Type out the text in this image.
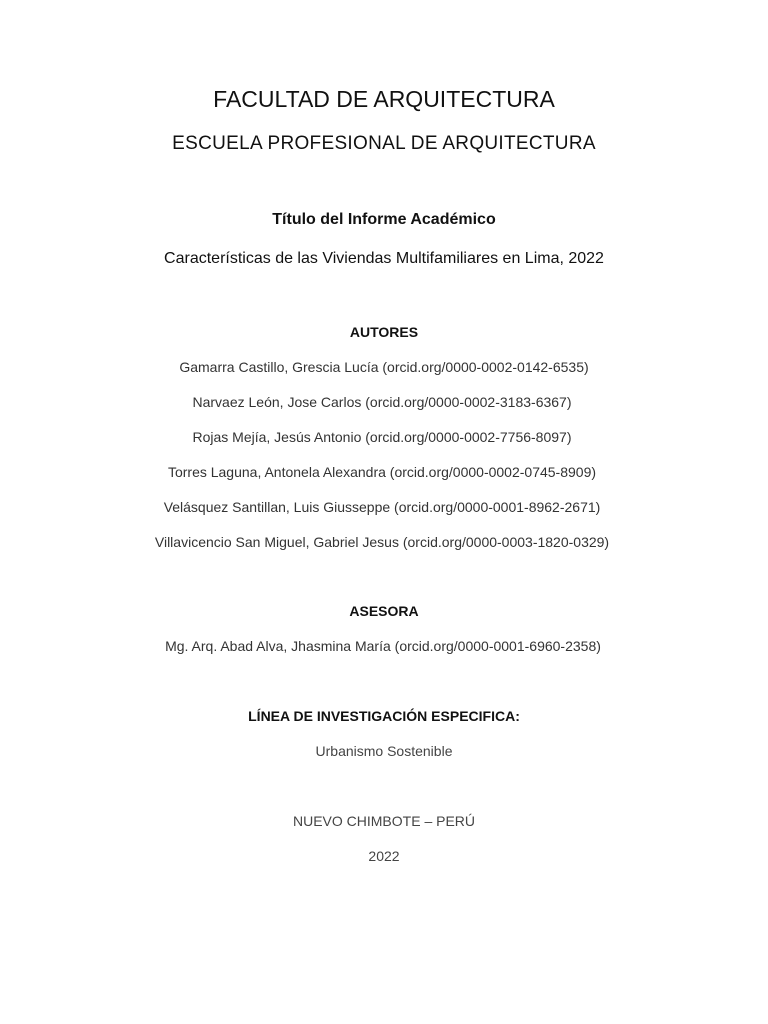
FACULTAD DE ARQUITECTURA
ESCUELA PROFESIONAL DE ARQUITECTURA
Título del Informe Académico
Características de las Viviendas Multifamiliares en Lima, 2022
AUTORES
Gamarra Castillo, Grescia Lucía (orcid.org/0000-0002-0142-6535)
Narvaez León, Jose Carlos (orcid.org/0000-0002-3183-6367)
Rojas Mejía, Jesús Antonio (orcid.org/0000-0002-7756-8097)
Torres Laguna, Antonela Alexandra (orcid.org/0000-0002-0745-8909)
Velásquez Santillan, Luis Giusseppe (orcid.org/0000-0001-8962-2671)
Villavicencio San Miguel, Gabriel Jesus (orcid.org/0000-0003-1820-0329)
ASESORA
Mg. Arq. Abad Alva, Jhasmina María (orcid.org/0000-0001-6960-2358)
LÍNEA DE INVESTIGACIÓN ESPECIFICA:
Urbanismo Sostenible
NUEVO CHIMBOTE – PERÚ
2022
